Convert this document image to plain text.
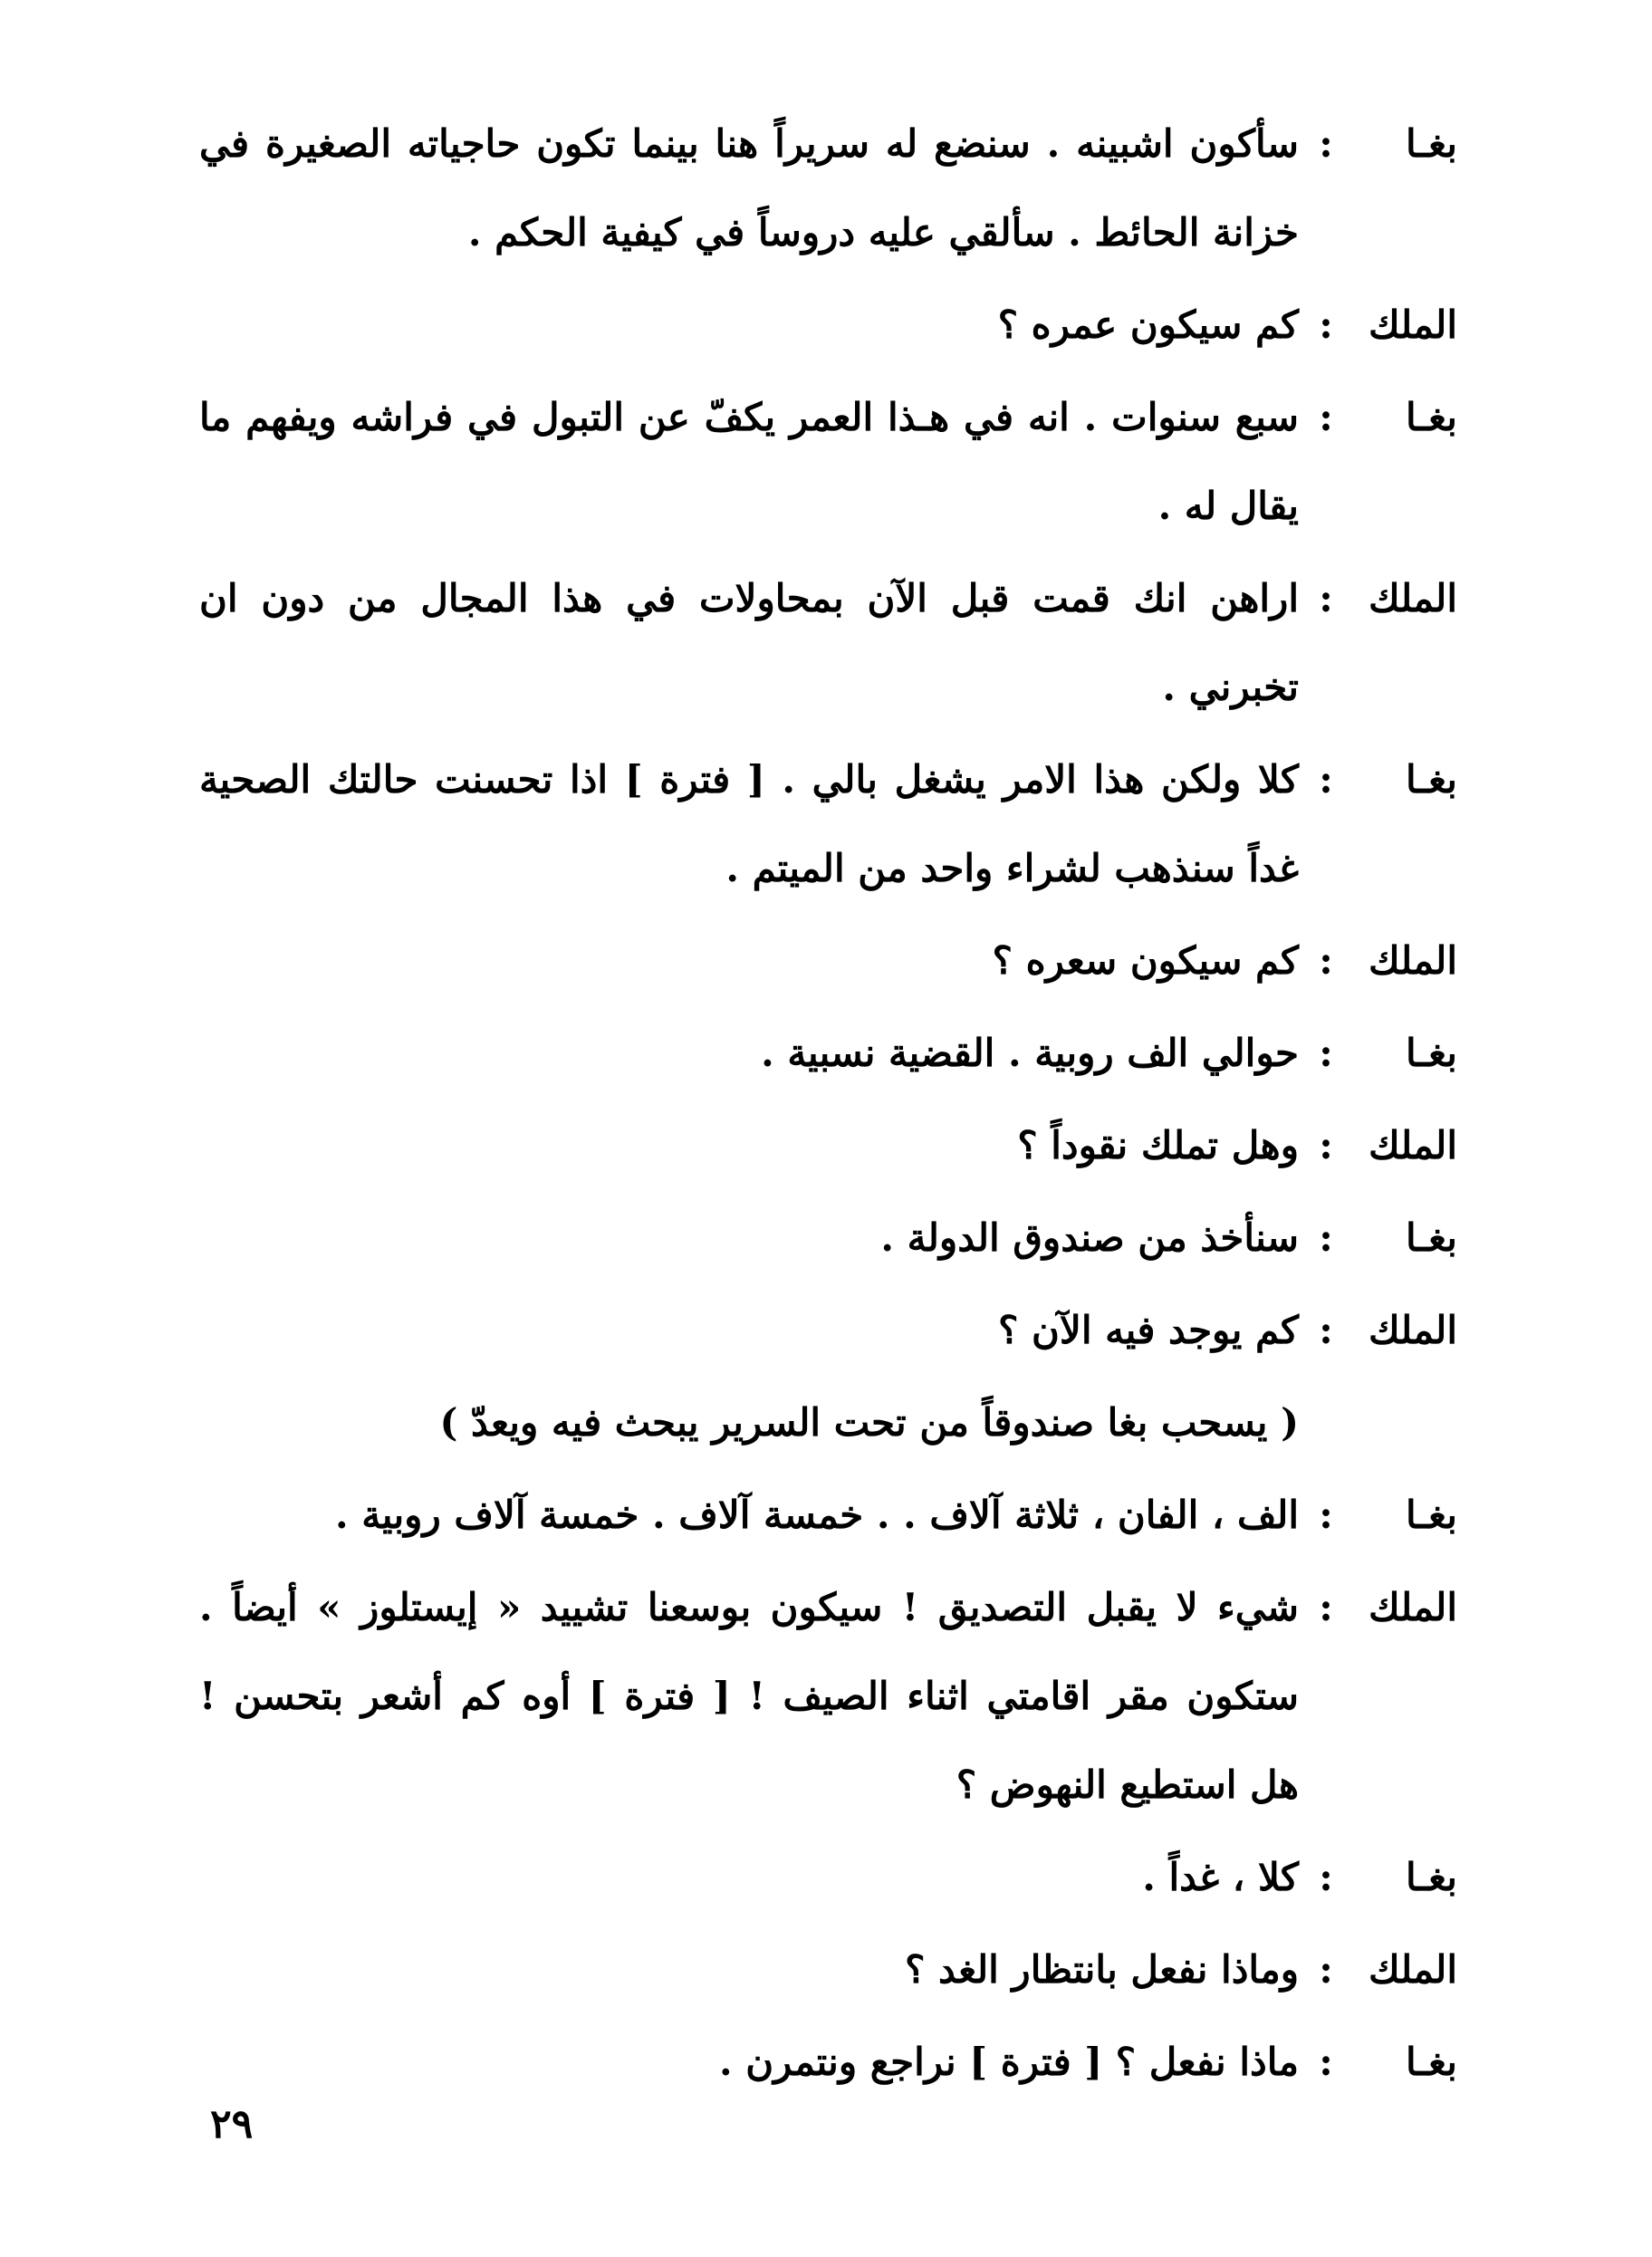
بغـا
:
سأكون اشبينه . سنضع له سريراً هنا بينما تكون حاجياته الصغيرة في خزانة الحائط . سألقي عليه دروساً في كيفية الحكم .
الملك
:
كم سيكون عمره ؟
بغـا
:
سبع سنوات . انه في هـذا العمر يكفّ عن التبول في فراشه ويفهم ما يقال له .
الملك
:
اراهن انك قمت قبل الآن بمحاولات في هذا المجال من دون ان تخبرني .
بغـا
:
كلا ولكن هذا الامر يشغل بالي . [ فترة ] اذا تحسنت حالتك الصحية غداً سنذهب لشراء واحد من الميتم .
الملك
:
كم سيكون سعره ؟
بغـا
:
حوالي الف روبية . القضية نسبية .
الملك
:
وهل تملك نقوداً ؟
بغـا
:
سنأخذ من صندوق الدولة .
الملك
:
كم يوجد فيه الآن ؟
( يسحب بغا صندوقاً من تحت السرير يبحث فيه ويعدّ )
بغـا
:
الف ، الفان ، ثلاثة آلاف . . خمسة آلاف . خمسة آلاف روبية .
الملك
:
شيء لا يقبل التصديق ! سيكون بوسعنا تشييد « إيستلوز » أيضاً . ستكون مقر اقامتي اثناء الصيف ! [ فترة ] أوه كم أشعر بتحسن ! هل استطيع النهوض ؟
بغـا
:
كلا ، غداً .
الملك
:
وماذا نفعل بانتظار الغد ؟
بغـا
:
ماذا نفعل ؟ [ فترة ] نراجع ونتمرن .
٢٩
